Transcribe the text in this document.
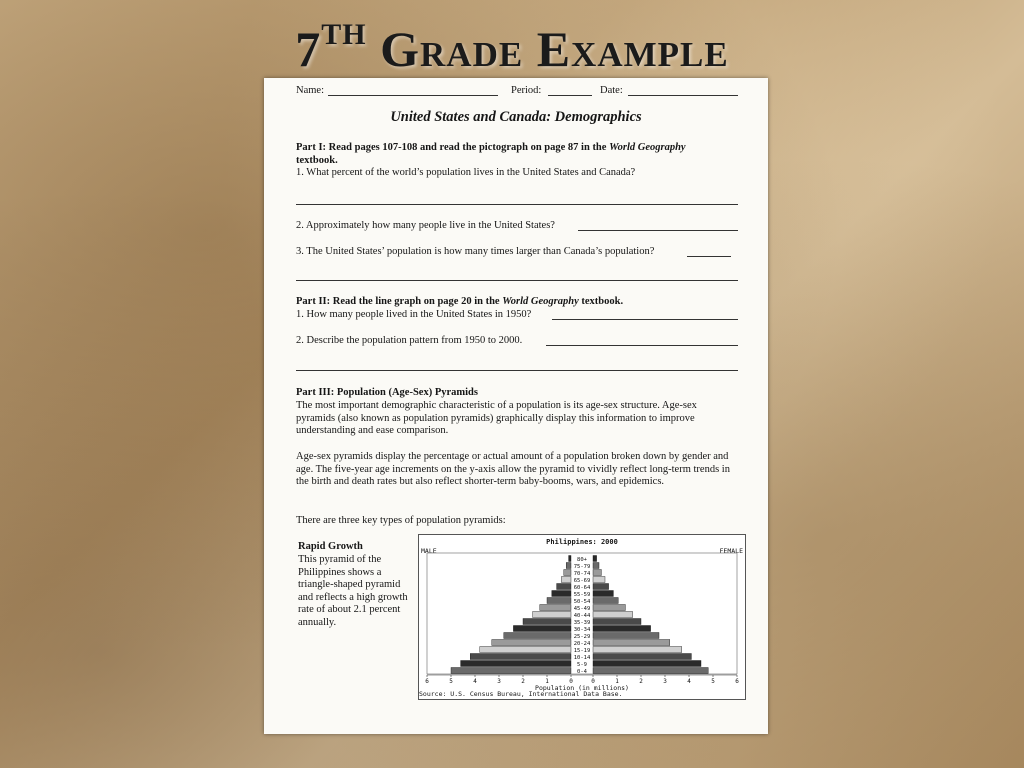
7TH Grade Example
Name:	Period:	Date:
United States and Canada: Demographics
Part I: Read pages 107-108 and read the pictograph on page 87 in the World Geography
textbook.
1. What percent of the world’s population lives in the United States and Canada?
2. Approximately how many people live in the United States?
3. The United States’ population is how many times larger than Canada’s population?
Part II: Read the line graph on page 20 in the World Geography textbook.
1. How many people lived in the United States in 1950?
2. Describe the population pattern from 1950 to 2000.
Part III: Population (Age-Sex) Pyramids
The most important demographic characteristic of a population is its age-sex structure. Age-sex pyramids (also known as population pyramids) graphically display this information to improve understanding and ease comparison.
Age-sex pyramids display the percentage or actual amount of a population broken down by gender and age. The five-year age increments on the y-axis allow the pyramid to vividly reflect long-term trends in the birth and death rates but also reflect shorter-term baby-booms, wars, and epidemics.
There are three key types of population pyramids:
Rapid Growth
This pyramid of the Philippines shows a triangle-shaped pyramid and reflects a high growth rate of about 2.1 percent annually.
Philippines: 2000
MALE	FEMALE
80+
75-79
70-74
65-69
60-64
55-59
50-54
45-49
40-44
35-39
30-34
25-29
20-24
15-19
10-14
5-9
0-4
6	5	4	3	2	1	0	0	1	2	3	4	5	6
Population (in millions)
Source: U.S. Census Bureau, International Data Base.
